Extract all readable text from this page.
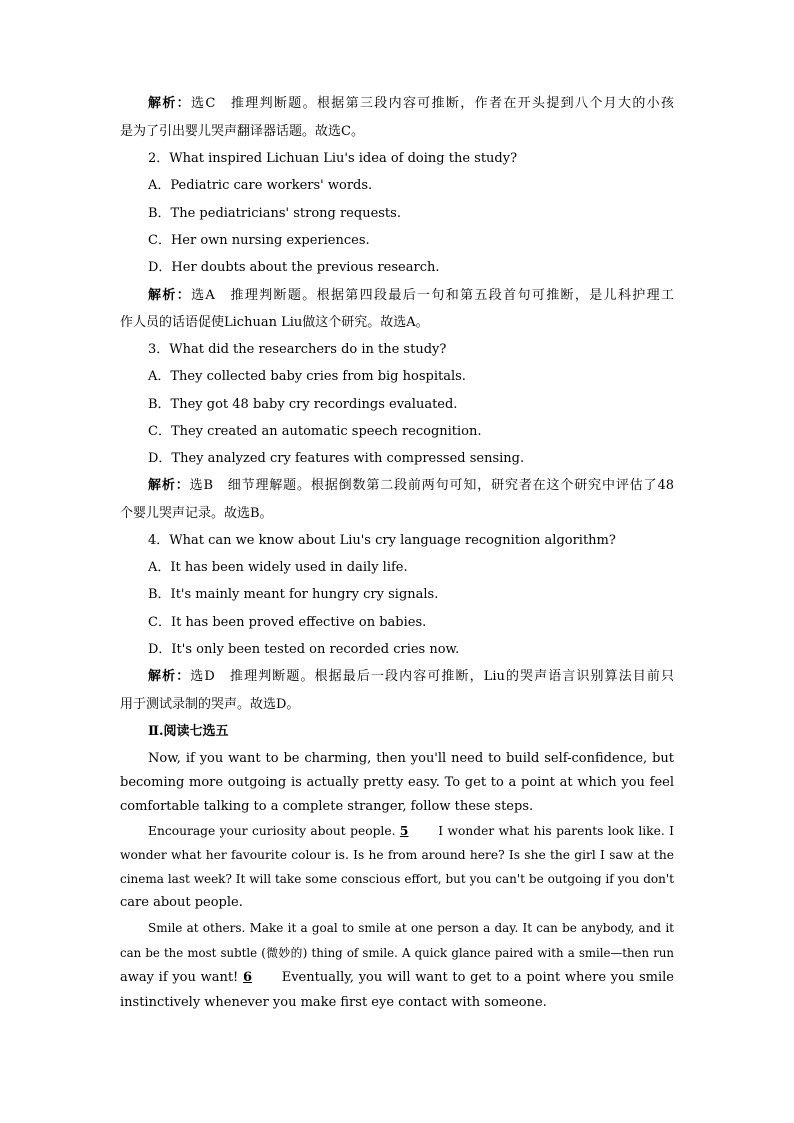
解析：选C　推理判断题。根据第三段内容可推断，作者在开头提到八个月大的小孩
是为了引出婴儿哭声翻译器话题。故选C。
2．What inspired Lichuan Liu's idea of doing the study?
A．Pediatric care workers' words.
B．The pediatricians' strong requests.
C．Her own nursing experiences.
D．Her doubts about the previous research.
解析：选A　推理判断题。根据第四段最后一句和第五段首句可推断，是儿科护理工
作人员的话语促使Lichuan Liu做这个研究。故选A。
3．What did the researchers do in the study?
A．They collected baby cries from big hospitals.
B．They got 48 baby cry recordings evaluated.
C．They created an automatic speech recognition.
D．They analyzed cry features with compressed sensing.
解析：选B　细节理解题。根据倒数第二段前两句可知，研究者在这个研究中评估了48
个婴儿哭声记录。故选B。
4．What can we know about Liu's cry language recognition algorithm?
A．It has been widely used in daily life.
B．It's mainly meant for hungry cry signals.
C．It has been proved effective on babies.
D．It's only been tested on recorded cries now.
解析：选D　推理判断题。根据最后一段内容可推断，Liu的哭声语言识别算法目前只
用于测试录制的哭声。故选D。
Ⅱ.阅读七选五
Now, if you want to be charming, then you'll need to build self-confidence, but
becoming more outgoing is actually pretty easy. To get to a point at which you feel
comfortable talking to a complete stranger, follow these steps.
Encourage your curiosity about people. 5 I wonder what his parents look like. I
wonder what her favourite colour is. Is he from around here? Is she the girl I saw at the
cinema last week? It will take some conscious effort, but you can't be outgoing if you don't
care about people.
Smile at others. Make it a goal to smile at one person a day. It can be anybody, and it
can be the most subtle (微妙的) thing of smile. A quick glance paired with a smile—then run
away if you want! 6 Eventually, you will want to get to a point where you smile
instinctively whenever you make first eye contact with someone.
